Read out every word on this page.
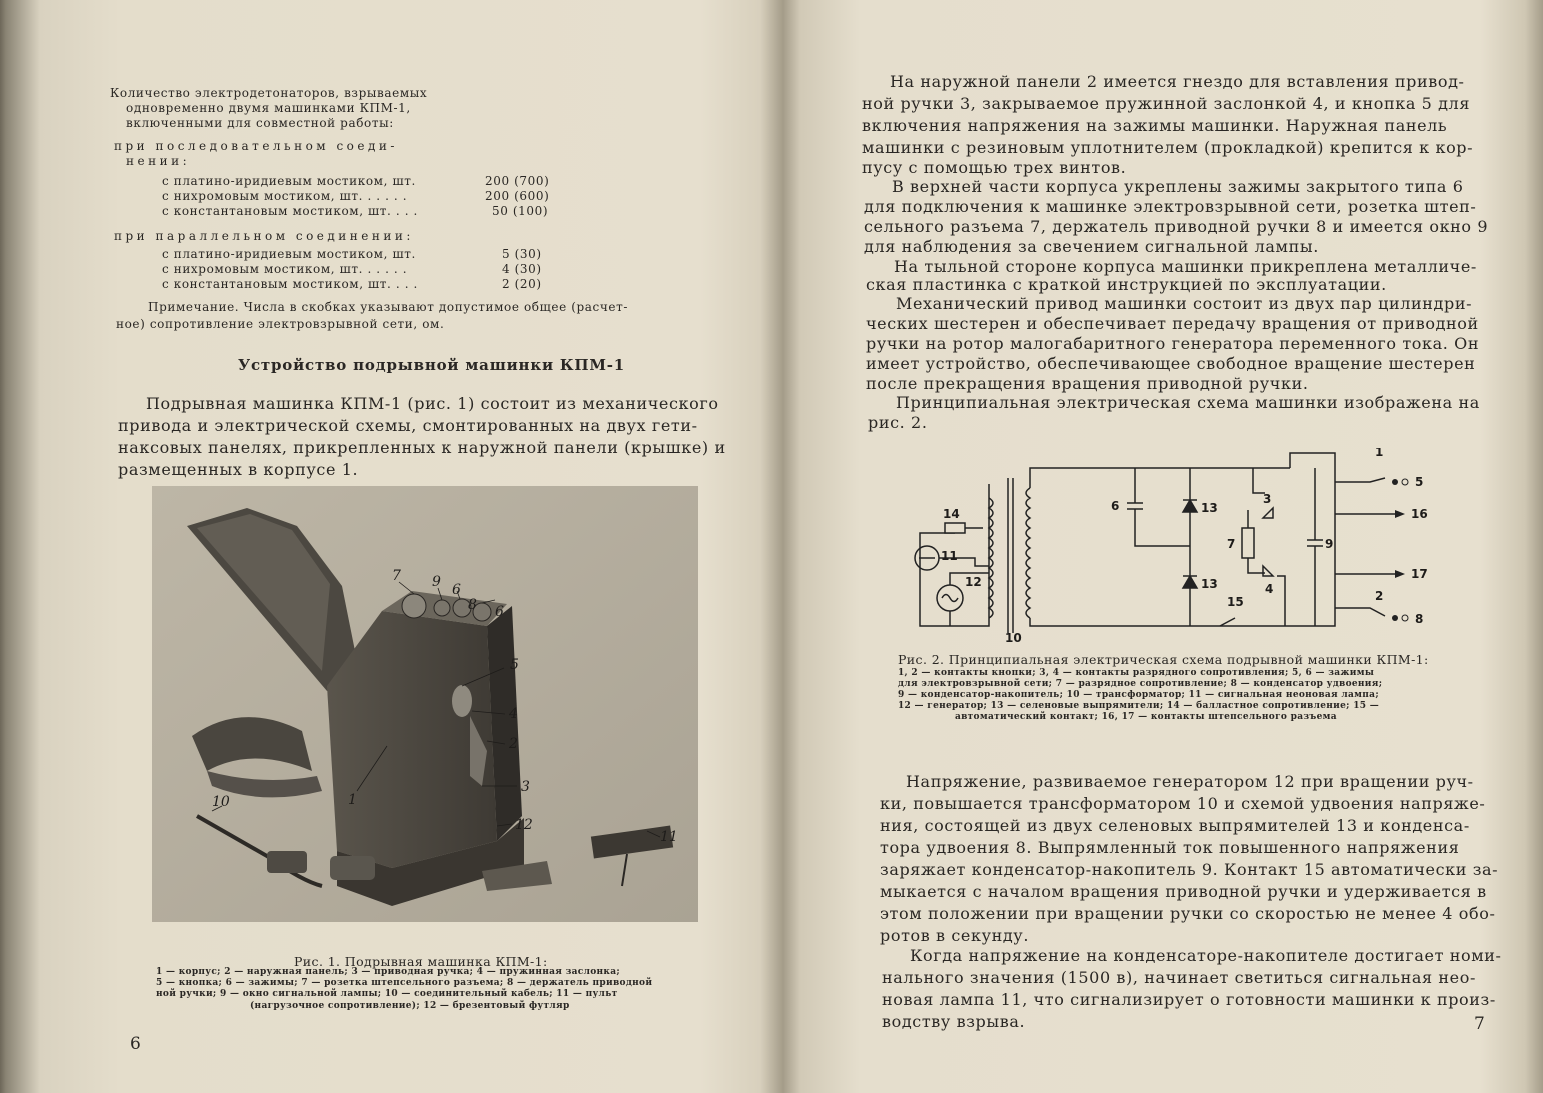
Количество электродетонаторов, взрываемых
одновременно двумя машинками КПМ-1,
включенными для совместной работы:
при последовательном соеди-
нении:
с платино-иридиевым мостиком, шт.	200 (700)
с нихромовым мостиком, шт. . . . . .	200 (600)
с константановым мостиком, шт. . . .	50 (100)
при параллельном соединении:
с платино-иридиевым мостиком, шт.	5 (30)
с нихромовым мостиком, шт. . . . . .	4 (30)
с константановым мостиком, шт. . . .	2 (20)
Примечание. Числа в скобках указывают допустимое общее (расчет-
ное) сопротивление электровзрывной сети, ом.
Устройство подрывной машинки КПМ-1
Подрывная машинка КПМ-1 (рис. 1) состоит из механического
привода и электрической схемы, смонтированных на двух гети-
наксовых панелях, прикрепленных к наружной панели (крышке) и
размещенных в корпусе 1.
7 9 6
8 6
5
4
2
1
3
12
10
11
Рис. 1. Подрывная машинка КПМ-1:
1 — корпус; 2 — наружная панель; 3 — приводная ручка; 4 — пружинная заслонка;
5 — кнопка; 6 — зажимы; 7 — розетка штепсельного разъема; 8 — держатель приводной
ной ручки; 9 — окно сигнальной лампы; 10 — соединительный кабель; 11 — пульт
(нагрузочное сопротивление); 12 — брезентовый футляр
6
На наружной панели 2 имеется гнездо для вставления привод-
ной ручки 3, закрываемое пружинной заслонкой 4, и кнопка 5 для
включения напряжения на зажимы машинки. Наружная панель
машинки с резиновым уплотнителем (прокладкой) крепится к кор-
пусу с помощью трех винтов.
В верхней части корпуса укреплены зажимы закрытого типа 6
для подключения к машинке электровзрывной сети, розетка штеп-
сельного разъема 7, держатель приводной ручки 8 и имеется окно 9
для наблюдения за свечением сигнальной лампы.
На тыльной стороне корпуса машинки прикреплена металличе-
ская пластинка с краткой инструкцией по эксплуатации.
Механический привод машинки состоит из двух пар цилиндри-
ческих шестерен и обеспечивает передачу вращения от приводной
ручки на ротор малогабаритного генератора переменного тока. Он
имеет устройство, обеспечивающее свободное вращение шестерен
после прекращения вращения приводной ручки.
Принципиальная электрическая схема машинки изображена на
рис. 2.
14
11
12
10
6	13
13
3
7
4
15
9
1
5
16
17
2
8
Рис. 2. Принципиальная электрическая схема подрывной машинки КПМ-1:
1, 2 — контакты кнопки; 3, 4 — контакты разрядного сопротивления; 5, 6 — зажимы
для электровзрывной сети; 7 — разрядное сопротивление; 8 — конденсатор удвоения;
9 — конденсатор-накопитель; 10 — трансформатор; 11 — сигнальная неоновая лампа;
12 — генератор; 13 — селеновые выпрямители; 14 — балластное сопротивление; 15 —
автоматический контакт; 16, 17 — контакты штепсельного разъема
Напряжение, развиваемое генератором 12 при вращении руч-
ки, повышается трансформатором 10 и схемой удвоения напряже-
ния, состоящей из двух селеновых выпрямителей 13 и конденса-
тора удвоения 8. Выпрямленный ток повышенного напряжения
заряжает конденсатор-накопитель 9. Контакт 15 автоматически за-
мыкается с началом вращения приводной ручки и удерживается в
этом положении при вращении ручки со скоростью не менее 4 обо-
ротов в секунду.
Когда напряжение на конденсаторе-накопителе достигает номи-
нального значения (1500 в), начинает светиться сигнальная нео-
новая лампа 11, что сигнализирует о готовности машинки к произ-
водству взрыва.	7
